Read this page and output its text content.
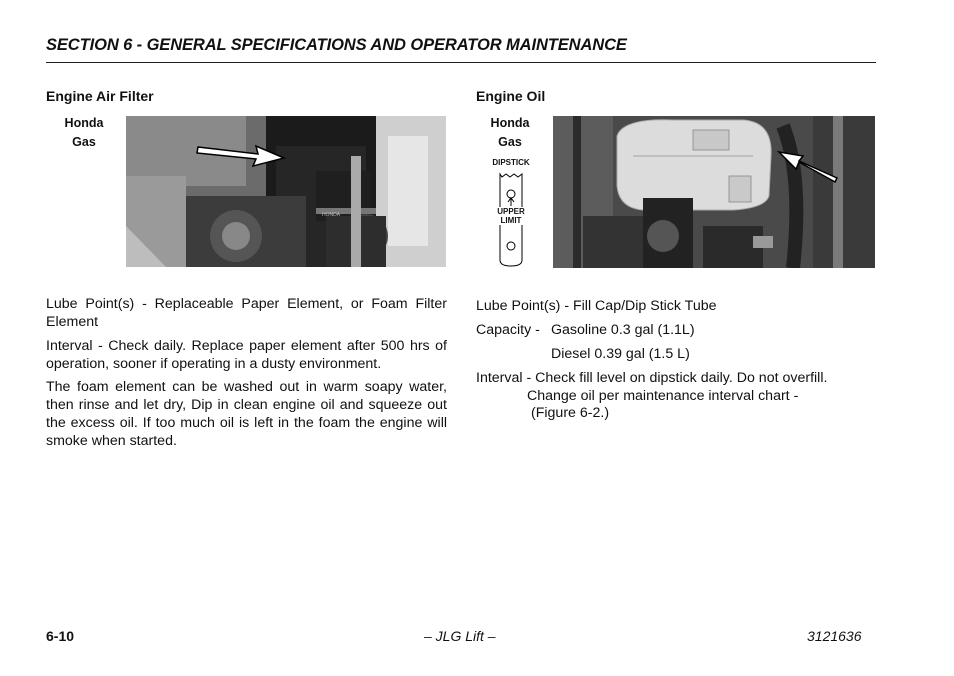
SECTION 6 - GENERAL SPECIFICATIONS AND OPERATOR MAINTENANCE
Engine Air Filter
Honda
Gas
HONDA
Lube Point(s) - Replaceable Paper Element, or Foam Filter Element
Interval - Check daily. Replace paper element after 500 hrs of operation, sooner if operating in a dusty environment.
The foam element can be washed out in warm soapy water, then rinse and let dry, Dip in clean engine oil and squeeze out the excess oil. If too much oil is left in the foam the engine will smoke when started.
Engine Oil
Honda
Gas
DIPSTICK
UPPER
LIMIT
Lube Point(s) - Fill Cap/Dip Stick Tube
Capacity - Gasoline 0.3 gal (1.1L)
Diesel 0.39 gal (1.5 L)
Interval - Check fill level on dipstick daily. Do not overfill.
Change oil per maintenance interval chart -
(Figure 6-2.)
6-10	– JLG Lift –	3121636
